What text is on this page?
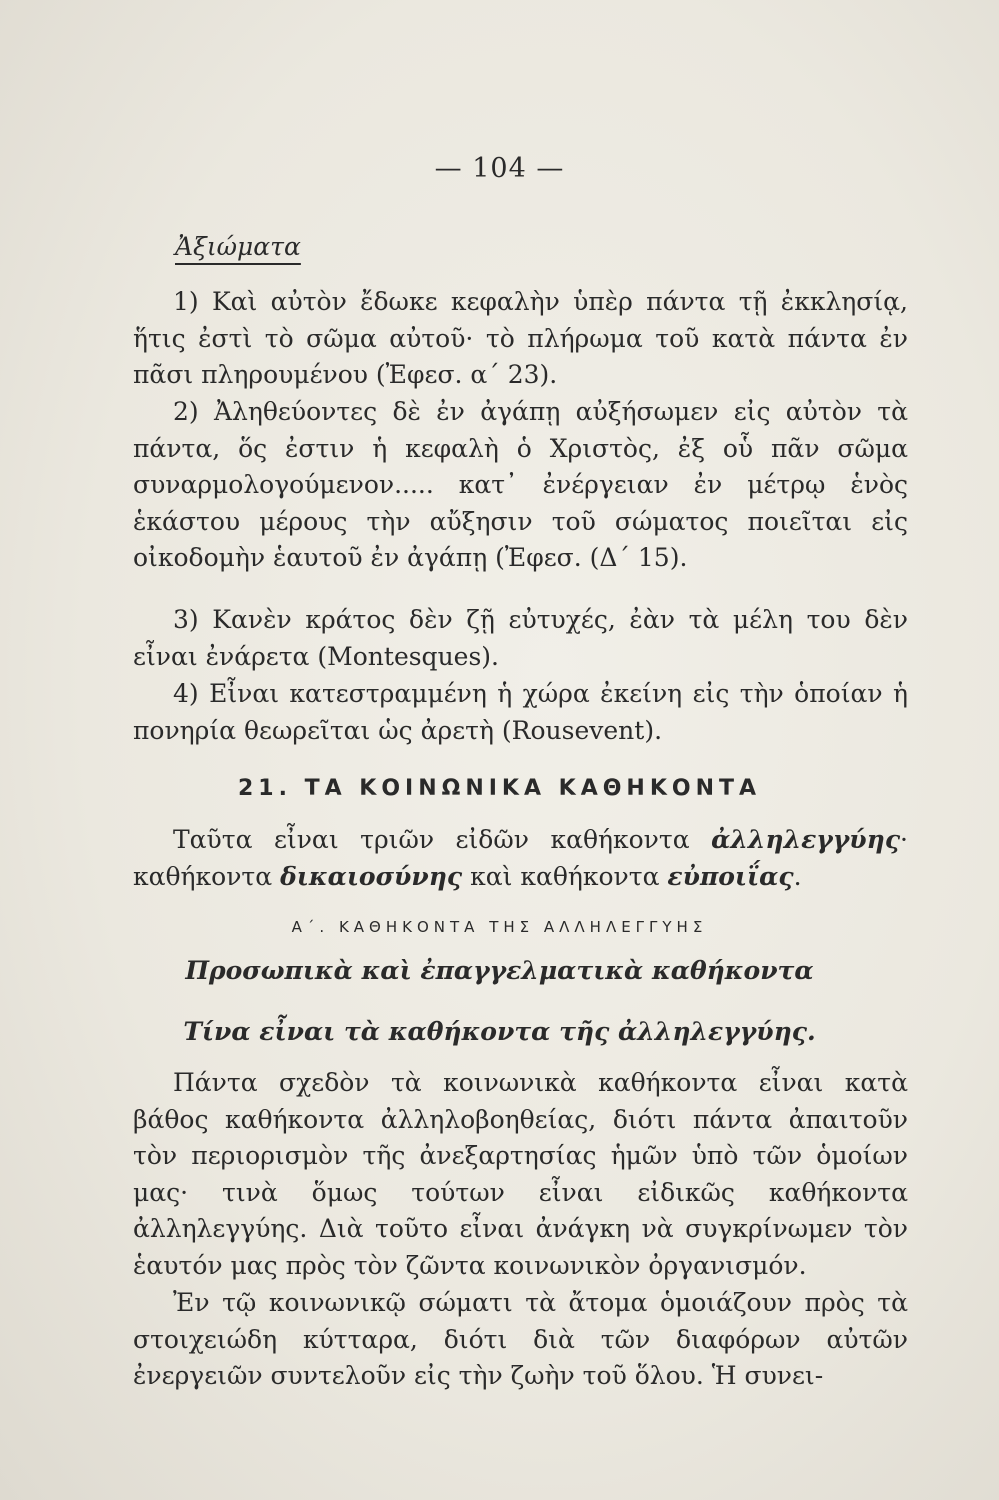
— 104 —
Ἀξιώματα

1) Καὶ αὐτὸν ἔδωκε κεφαλὴν ὑπὲρ πάντα τῇ ἐκκλησίᾳ, ἥτις ἐστὶ τὸ σῶμα αὐτοῦ· τὸ πλήρωμα τοῦ κατὰ πάντα ἐν πᾶσι πληρουμένου (Ἐφεσ. α΄ 23).

2) Ἀληθεύοντες δὲ ἐν ἀγάπῃ αὐξήσωμεν εἰς αὐτὸν τὰ πάντα, ὅς ἐστιν ἡ κεφαλὴ ὁ Χριστὸς, ἐξ οὗ πᾶν σῶμα συναρμολογούμενον..... κατ᾽ ἐνέργειαν ἐν μέτρῳ ἑνὸς ἑκάστου μέρους τὴν αὔξησιν τοῦ σώματος ποιεῖται εἰς οἰκοδομὴν ἑαυτοῦ ἐν ἀγάπῃ (Ἐφεσ. (Δ΄ 15).

3) Κανὲν κράτος δὲν ζῇ εὐτυχές, ἐὰν τὰ μέλη του δὲν εἶναι ἐνάρετα (Montesques).

4) Εἶναι κατεστραμμένη ἡ χώρα ἐκείνη εἰς τὴν ὁποίαν ἡ πονηρία θεωρεῖται ὡς ἀρετὴ (Rousevent).

21. ΤΑ ΚΟΙΝΩΝΙΚΑ ΚΑΘΗΚΟΝΤΑ

Ταῦτα εἶναι τριῶν εἰδῶν καθήκοντα ἀλληλεγγύης· καθήκοντα δικαιοσύνης καὶ καθήκοντα εὐποιΐας.

Α΄. ΚΑΘΗΚΟΝΤΑ ΤΗΣ ΑΛΛΗΛΕΓΓΥΗΣ
Προσωπικὰ καὶ ἐπαγγελματικὰ καθήκοντα
Τίνα εἶναι τὰ καθήκοντα τῆς ἀλληλεγγύης.

Πάντα σχεδὸν τὰ κοινωνικὰ καθήκοντα εἶναι κατὰ βάθος καθήκοντα ἀλληλοβοηθείας, διότι πάντα ἀπαιτοῦν τὸν περιορισμὸν τῆς ἀνεξαρτησίας ἡμῶν ὑπὸ τῶν ὁμοίων μας· τινὰ ὅμως τούτων εἶναι εἰδικῶς καθήκοντα ἀλληλεγγύης. Διὰ τοῦτο εἶναι ἀνάγκη νὰ συγκρίνωμεν τὸν ἑαυτόν μας πρὸς τὸν ζῶντα κοινωνικὸν ὀργανισμόν.

Ἐν τῷ κοινωνικῷ σώματι τὰ ἄτομα ὁμοιάζουν πρὸς τὰ στοιχειώδη κύτταρα, διότι διὰ τῶν διαφόρων αὐτῶν ἐνεργειῶν συντελοῦν εἰς τὴν ζωὴν τοῦ ὅλου. Ἡ συνει-
